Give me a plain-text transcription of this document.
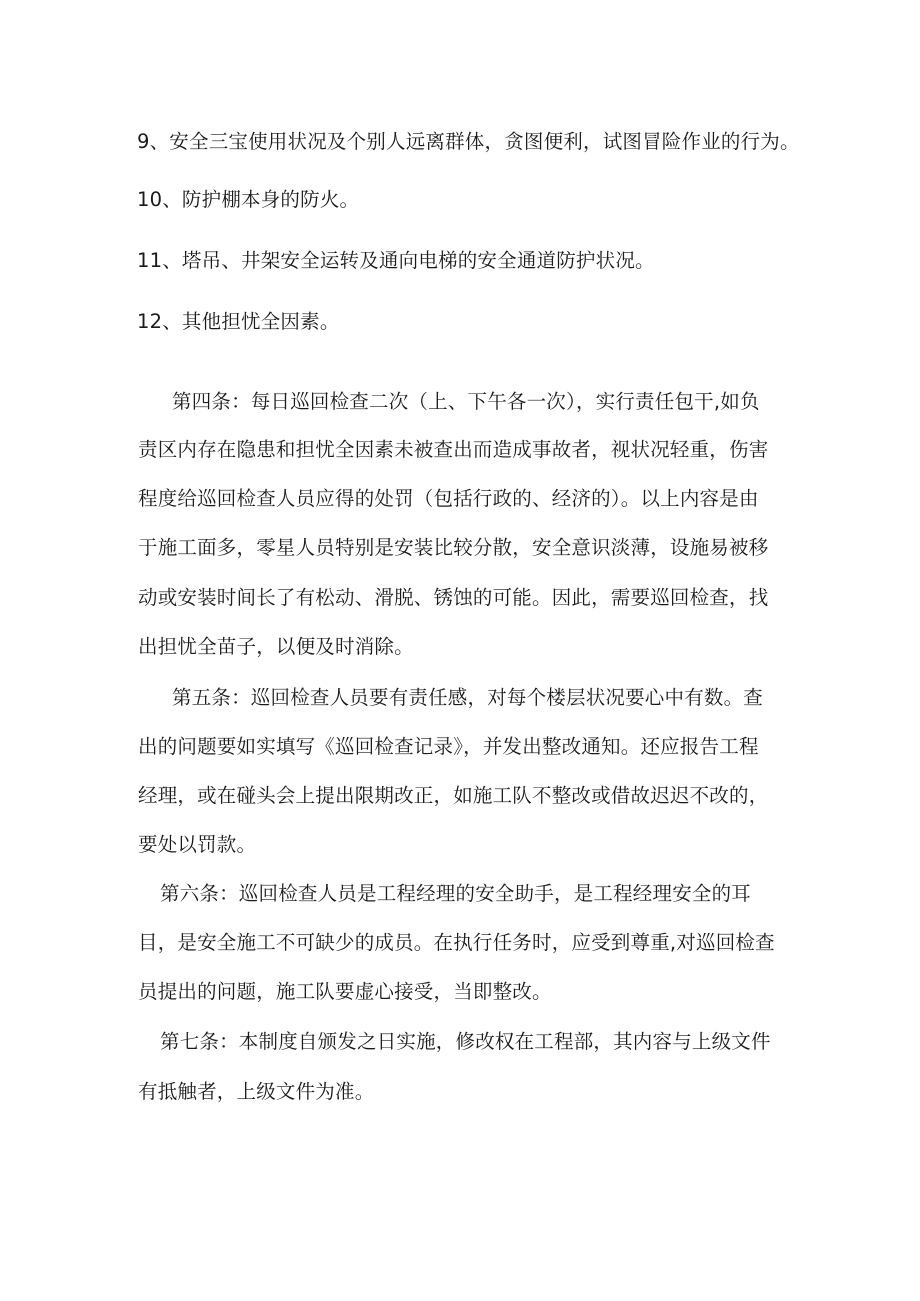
9、安全三宝使用状况及个别人远离群体，贪图便利，试图冒险作业的行为。
10、防护棚本身的防火。
11、塔吊、井架安全运转及通向电梯的安全通道防护状况。
12、其他担忧全因素。
第四条：每日巡回检查二次（上、下午各一次），实行责任包干,如负
责区内存在隐患和担忧全因素未被查出而造成事故者，视状况轻重，伤害
程度给巡回检查人员应得的处罚（包括行政的、经济的）。以上内容是由
于施工面多，零星人员特别是安装比较分散，安全意识淡薄，设施易被移
动或安装时间长了有松动、滑脱、锈蚀的可能。因此，需要巡回检查，找
出担忧全苗子，以便及时消除。
第五条：巡回检查人员要有责任感，对每个楼层状况要心中有数。查
出的问题要如实填写《巡回检查记录》，并发出整改通知。还应报告工程
经理，或在碰头会上提出限期改正，如施工队不整改或借故迟迟不改的，
要处以罚款。
第六条：巡回检查人员是工程经理的安全助手，是工程经理安全的耳
目，是安全施工不可缺少的成员。在执行任务时，应受到尊重,对巡回检查
员提出的问题，施工队要虚心接受，当即整改。
第七条：本制度自颁发之日实施，修改权在工程部，其内容与上级文件
有抵触者，上级文件为准。
